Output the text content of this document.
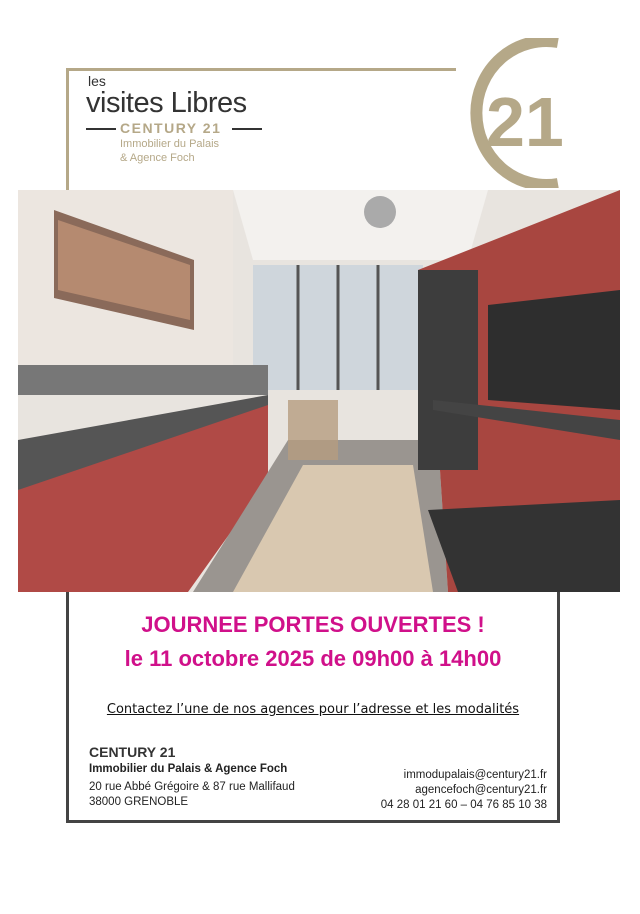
les
visites Libres
CENTURY 21
Immobilier du Palais
& Agence Foch	21
JOURNEE PORTES OUVERTES !
le 11 octobre 2025 de 09h00 à 14h00
Contactez l’une de nos agences pour l’adresse et les modalités
CENTURY 21
Immobilier du Palais & Agence Foch
20 rue Abbé Grégoire & 87 rue Mallifaud
38000 GRENOBLE
immodupalais@century21.fr
agencefoch@century21.fr
04 28 01 21 60 – 04 76 85 10 38
